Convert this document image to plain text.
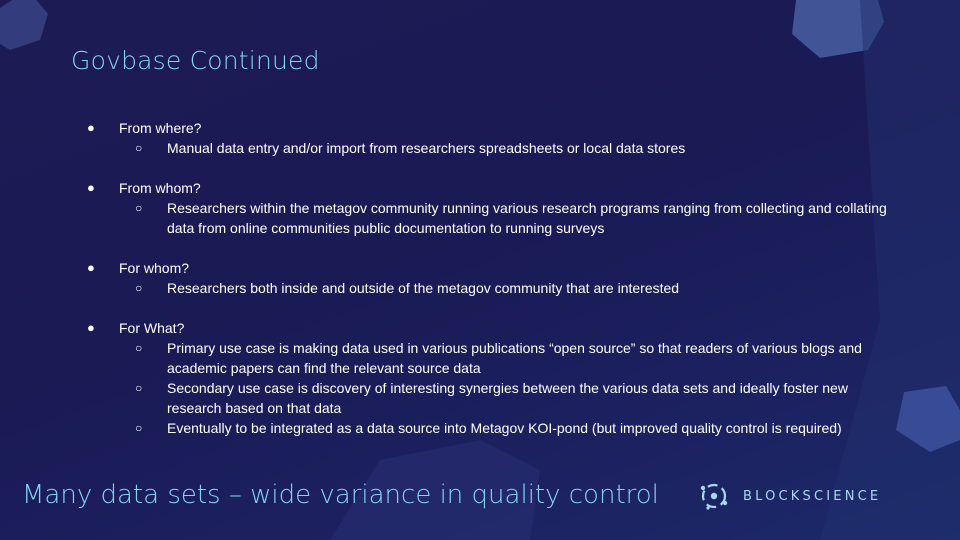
Govbase Continued
● From where?
○ Manual data entry and/or import from researchers spreadsheets or local data stores
● From whom?
○ Researchers within the metagov community running various research programs ranging from collecting and collating data from online communities public documentation to running surveys
● For whom?
○ Researchers both inside and outside of the metagov community that are interested
● For What?
○ Primary use case is making data used in various publications “open source” so that readers of various blogs and academic papers can find the relevant source data
○ Secondary use case is discovery of interesting synergies between the various data sets and ideally foster new research based on that data
○ Eventually to be integrated as a data source into Metagov KOI-pond (but improved quality control is required)
Many data sets – wide variance in quality control	BLOCKSCIENCE
